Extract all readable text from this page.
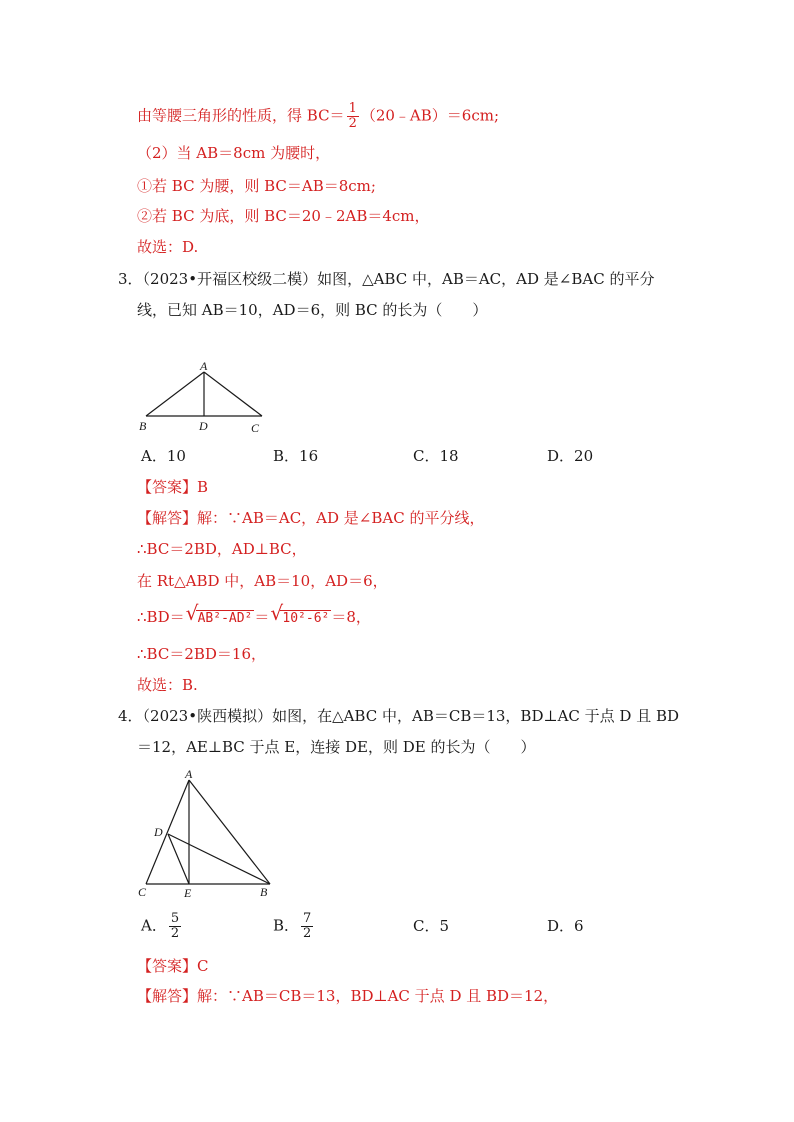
由等腰三角形的性质，得 $BC= \frac{1}{2}$ （20﹣AB）＝6cm;
（2）当 AB＝8cm 为腰时，
①若 BC 为腰，则 BC＝AB＝8cm;
②若 BC 为底，则 BC＝20﹣2AB＝4cm，
故选：D.
3．（2023•开福区校级二模）如图，△ABC 中，AB＝AC，AD 是∠BAC 的平分
线，已知 AB＝10，AD＝6，则 BC 的长为（　　）
A
B	D	C
A．10	B．16	C．18	D．20
【答案】B
【解答】解：∵AB＝AC，AD 是∠BAC 的平分线，
∴BC＝2BD，AD⊥BC，
在 Rt△ABD 中，AB＝10，AD＝6，
∴BD＝ √ AB²-AD² ＝ √ 10²-6² ＝8，
∴BC＝2BD＝16，
故选：B.
4．（2023•陕西模拟）如图，在△ABC 中，AB＝CB＝13，BD⊥AC 于点 D 且 BD
＝12，AE⊥BC 于点 E，连接 DE，则 DE 的长为（　　）
A
D
C	E	B
A． $\frac{5}{2}$	B． $\frac{7}{2}$	C．5	D．6
【答案】C
【解答】解：∵AB＝CB＝13，BD⊥AC 于点 D 且 BD＝12，
